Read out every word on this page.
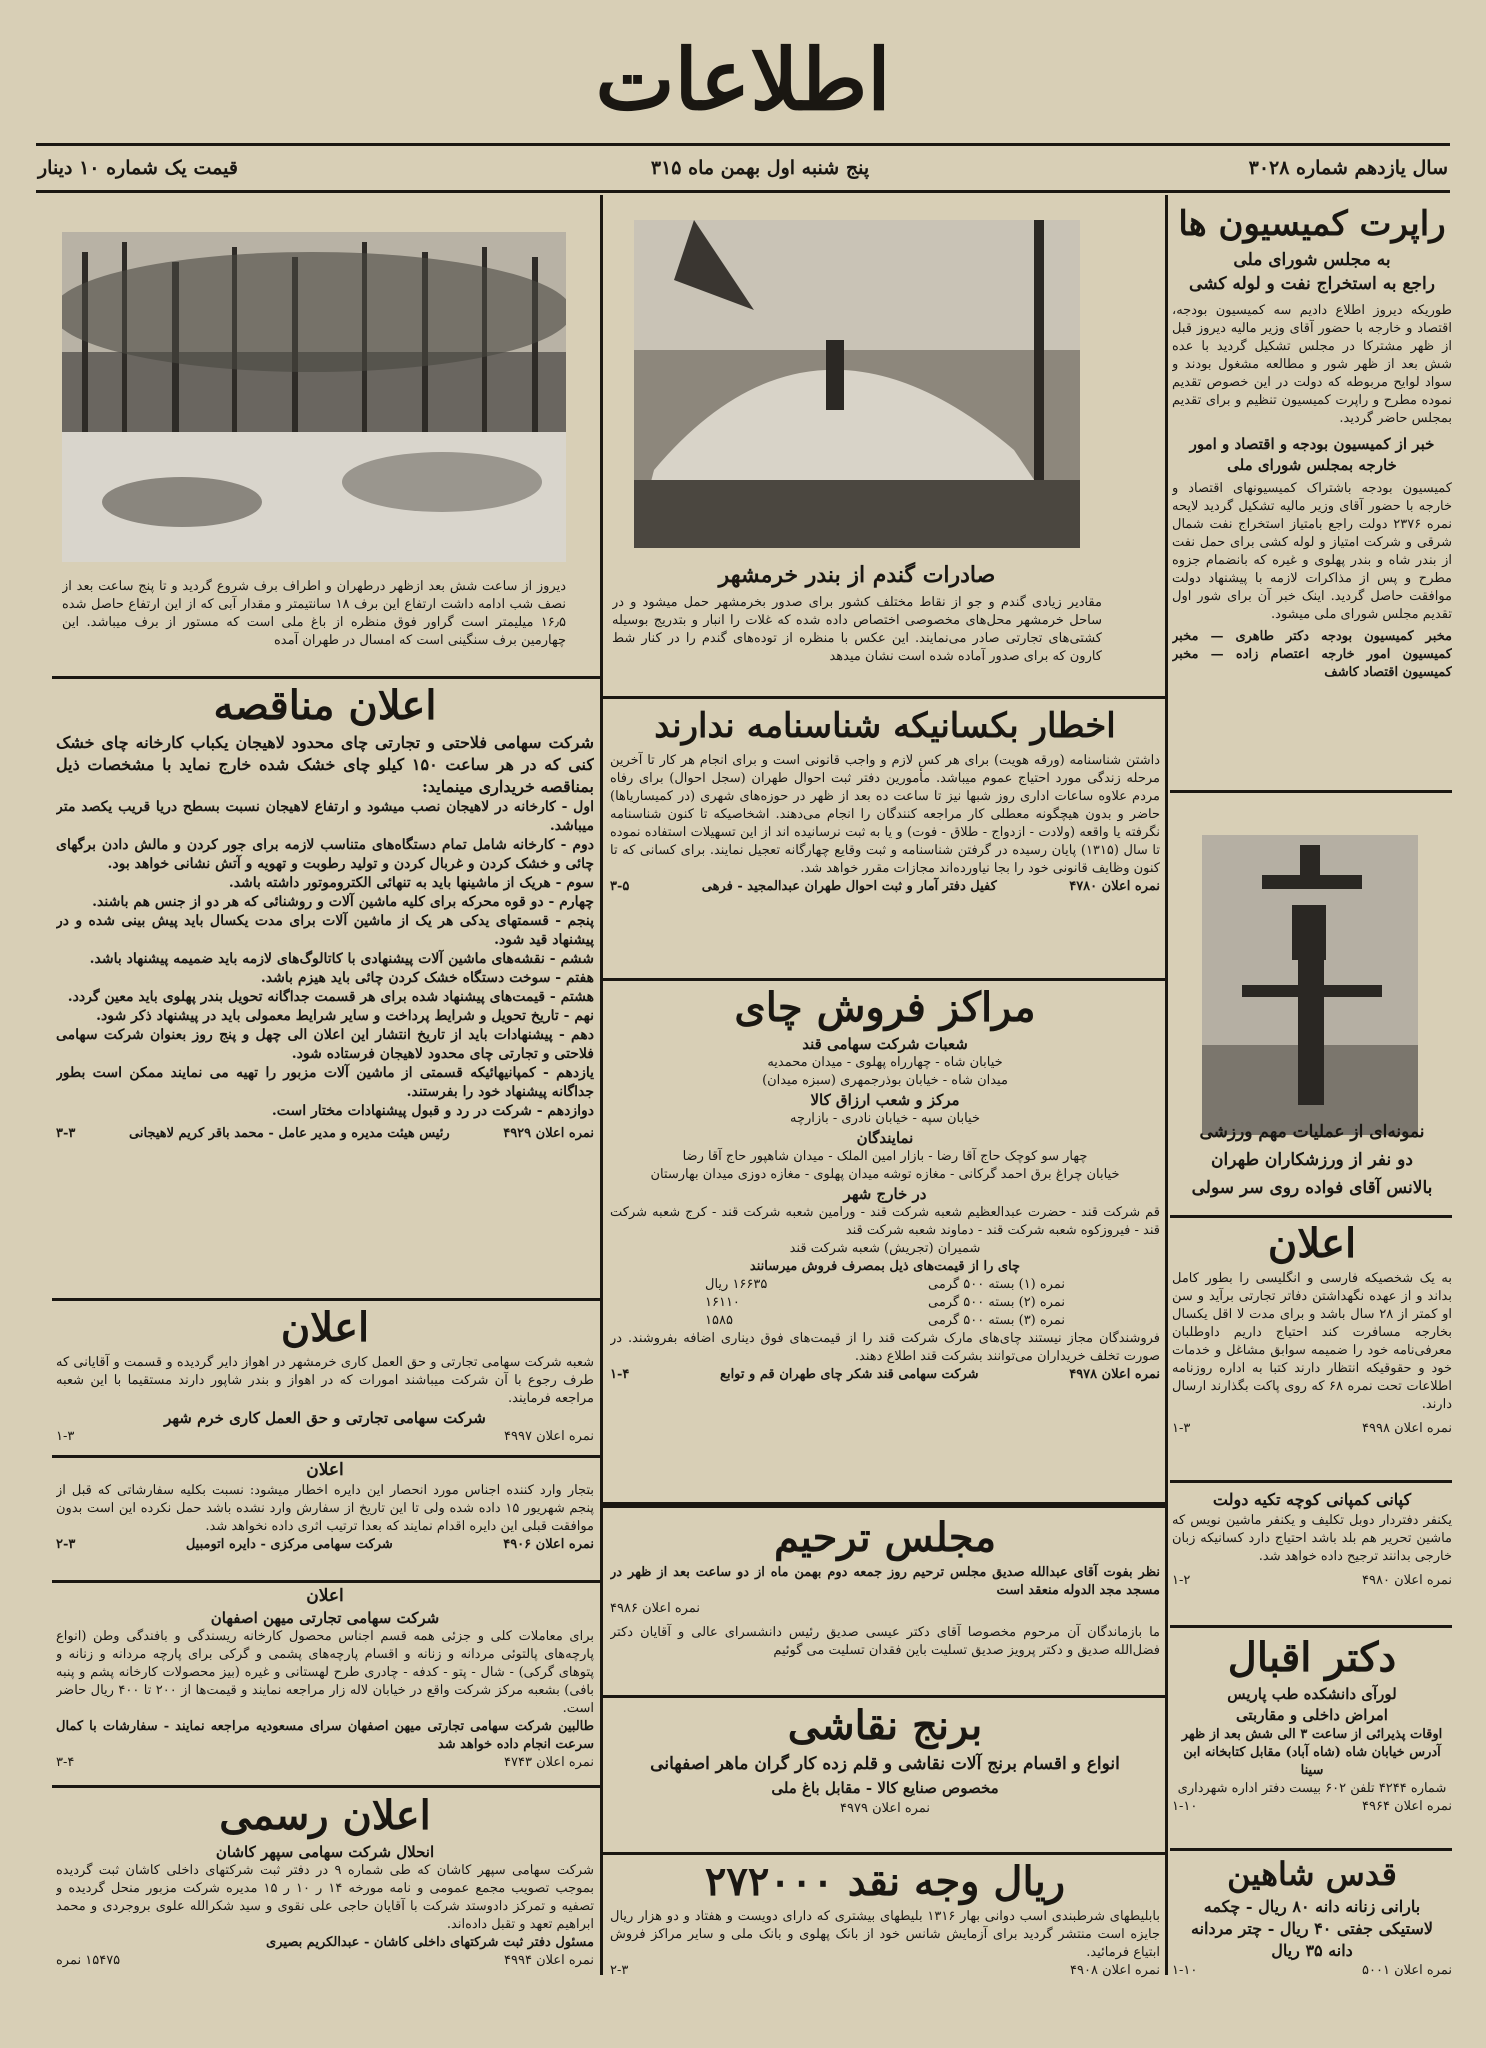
اطلاعات
سال یازدهم شماره ۳۰۲۸
پنج شنبه اول بهمن ماه ۳۱۵
قیمت یک شماره ۱۰ دینار
دیروز از ساعت شش بعد ازظهر درطهران و اطراف برف شروع گردید و تا پنج ساعت بعد از نصف شب ادامه داشت ارتفاع این برف ۱۸ سانتیمتر و مقدار آبی که از این ارتفاع حاصل شده ۱۶٫۵ میلیمتر است گراور فوق منظره از باغ ملی است که مستور از برف میباشد. این چهارمین برف سنگینی است که امسال در طهران آمده
صادرات گندم از بندر خرمشهر
مقادیر زیادی گندم و جو از نقاط مختلف کشور برای صدور بخرمشهر حمل میشود و در ساحل خرمشهر محل‌های مخصوصی اختصاص داده شده که غلات را انبار و بتدریج بوسیله کشتی‌های تجارتی صادر می‌نمایند. این عکس با منظره از توده‌های گندم را در کنار شط کارون که برای صدور آماده شده است نشان میدهد
راپرت کمیسیون ها
به مجلس شورای ملی
راجع به استخراج نفت و لوله کشی
طوریکه دیروز اطلاع دادیم سه کمیسیون بودجه، اقتصاد و خارجه با حضور آقای وزیر مالیه دیروز قبل از ظهر مشترکا در مجلس تشکیل گردید با عده شش بعد از ظهر شور و مطالعه مشغول بودند و سواد لوایح مربوطه که دولت در این خصوص تقدیم نموده مطرح و راپرت کمیسیون تنظیم و برای تقدیم بمجلس حاضر گردید.
خبر از کمیسیون بودجه و اقتصاد و امور خارجه بمجلس شورای ملی
کمیسیون بودجه باشتراک کمیسیونهای اقتصاد و خارجه با حضور آقای وزیر مالیه تشکیل گردید لایحه نمره ۲۳۷۶ دولت راجع بامتیاز استخراج نفت شمال شرقی و شرکت امتیاز و لوله کشی برای حمل نفت از بندر شاه و بندر پهلوی و غیره که بانضمام جزوه مطرح و پس از مذاکرات لازمه با پیشنهاد دولت موافقت حاصل گردید. اینک خبر آن برای شور اول تقدیم مجلس شورای ملی میشود.
مخبر کمیسیون بودجه دکتر طاهری — مخبر کمیسیون امور خارجه اعتصام زاده — مخبر کمیسیون اقتصاد کاشف
نمونه‌ای از عملیات مهم ورزشی
دو نفر از ورزشکاران طهران
بالانس آقای فواده روی سر سولی
اعلان
به یک شخصیکه فارسی و انگلیسی را بطور کامل بداند و از عهده نگهداشتن دفاتر تجارتی برآید و سن او کمتر از ۲۸ سال باشد و برای مدت لا اقل یکسال بخارجه مسافرت کند احتیاج داریم داوطلبان معرفی‌نامه خود را ضمیمه سوابق مشاغل و خدمات خود و حقوقیکه انتظار دارند کتبا به اداره روزنامه اطلاعات تحت نمره ۶۸ که روی پاکت بگذارند ارسال دارند.
نمره اعلان ۴۹۹۸
۱-۳
کپانی کمپانی کوچه تکیه دولت
یکنفر دفتردار دوبل تکلیف و یکنفر ماشین نویس که ماشین تحریر هم بلد باشد احتیاج دارد کسانیکه زبان خارجی بدانند ترجیح داده خواهد شد.
نمره اعلان ۴۹۸۰
۱-۲
دکتر اقبال
لورآی دانشکده طب پاریس
امراض داخلی و مقاربتی
اوقات پذیرائی از ساعت ۳ الی شش بعد از ظهر
آدرس خیابان شاه (شاه آباد) مقابل کتابخانه ابن سینا
شماره ۴۲۴۴ تلفن ۶۰۲ بیست دفتر اداره شهرداری
نمره اعلان ۴۹۶۴
۱-۱۰
قدس شاهین
بارانی زنانه دانه ۸۰ ریال - چکمه
لاستیکی جفتی ۴۰ ریال - چتر مردانه
دانه ۳۵ ریال
نمره اعلان ۵۰۰۱
۱-۱۰
اعلان مناقصه
شرکت سهامی فلاحتی و تجارتی چای محدود لاهیجان یکباب کارخانه چای خشک کنی که در هر ساعت ۱۵۰ کیلو چای خشک شده خارج نماید با مشخصات ذیل بمناقصه خریداری مینماید:

اول - کارخانه در لاهیجان نصب میشود و ارتفاع لاهیجان نسبت بسطح دریا قریب یکصد متر میباشد.

دوم - کارخانه شامل تمام دستگاه‌های متناسب لازمه برای جور کردن و مالش دادن برگهای چائی و خشک کردن و غربال کردن و تولید رطوبت و تهویه و آتش نشانی خواهد بود.

سوم - هریک از ماشینها باید به تنهائی الکتروموتور داشته باشد.

چهارم - دو قوه محرکه برای کلیه ماشین آلات و روشنائی که هر دو از جنس هم باشند.

پنجم - قسمتهای یدکی هر یک از ماشین آلات برای مدت یکسال باید پیش بینی شده و در پیشنهاد قید شود.

ششم - نقشه‌های ماشین آلات پیشنهادی با کاتالوگ‌های لازمه باید ضمیمه پیشنهاد باشد.

هفتم - سوخت دستگاه خشک کردن چائی باید هیزم باشد.

هشتم - قیمت‌های پیشنهاد شده برای هر قسمت جداگانه تحویل بندر پهلوی باید معین گردد.

نهم - تاریخ تحویل و شرایط پرداخت و سایر شرایط معمولی باید در پیشنهاد ذکر شود.

دهم - پیشنهادات باید از تاریخ انتشار این اعلان الی چهل و پنج روز بعنوان شرکت سهامی فلاحتی و تجارتی چای محدود لاهیجان فرستاده شود.

یازدهم - کمپانیهائیکه قسمتی از ماشین آلات مزبور را تهیه می نمایند ممکن است بطور جداگانه پیشنهاد خود را بفرستند.

دوازدهم - شرکت در رد و قبول پیشنهادات مختار است.

نمره اعلان ۴۹۲۹
رئیس هیئت مدیره و مدیر عامل - محمد باقر کریم لاهیجانی
۳-۳
اعلان
شعبه شرکت سهامی تجارتی و حق العمل کاری خرمشهر در اهواز دایر گردیده و قسمت و آقایانی که طرف رجوع با آن شرکت میباشند امورات که در اهواز و بندر شاپور دارند مستقیما با این شعبه مراجعه فرمایند.
شرکت سهامی تجارتی و حق العمل کاری خرم شهر
نمره اعلان ۴۹۹۷
۱-۳
اعلان
بتجار وارد کننده اجناس مورد انحصار این دایره اخطار میشود: نسبت بکلیه سفارشاتی که قبل از پنجم شهریور ۱۵ داده شده ولی تا این تاریخ از سفارش وارد نشده باشد حمل نکرده این است بدون موافقت قبلی این دایره اقدام نمایند که بعدا ترتیب اثری داده نخواهد شد.
نمره اعلان ۴۹۰۶
شرکت سهامی مرکزی - دایره اتومبیل
۲-۳
اعلان
شرکت سهامی تجارتی میهن اصفهان
برای معاملات کلی و جزئی همه قسم اجناس محصول کارخانه ریسندگی و بافندگی وطن (انواع پارچه‌های پالتوئی مردانه و زنانه و اقسام پارچه‌های پشمی و گرکی برای پارچه مردانه و زنانه و پتوهای گرکی) - شال - پتو - کدفه - چادری طرح لهستانی و غیره (بیز محصولات کارخانه پشم و پنبه بافی) بشعبه مرکز شرکت واقع در خیابان لاله زار مراجعه نمایند و قیمت‌ها از ۲۰۰ تا ۴۰۰ ریال حاضر است.
طالبین شرکت سهامی تجارتی میهن اصفهان سرای مسعودیه مراجعه نمایند - سفارشات با کمال سرعت انجام داده خواهد شد
نمره اعلان ۴۷۴۳
۳-۴
اعلان رسمی
انحلال شرکت سهامی سپهر کاشان
شرکت سهامی سپهر کاشان که طی شماره ۹ در دفتر ثبت شرکتهای داخلی کاشان ثبت گردیده بموجب تصویب مجمع عمومی و نامه مورخه ۱۴ ر ۱۰ ر ۱۵ مدیره شرکت مزبور منحل گردیده و تصفیه و تمرکز دادوستد شرکت با آقایان حاجی علی نقوی و سید شکرالله علوی بروجردی و محمد ابراهیم تعهد و تقبل داده‌اند.
مسئول دفتر ثبت شرکتهای داخلی کاشان - عبدالکریم بصیری
نمره اعلان ۴۹۹۴
۱۵۴۷۵ نمره
اخطار بکسانیکه شناسنامه ندارند
داشتن شناسنامه (ورقه هویت) برای هر کس لازم و واجب قانونی است و برای انجام هر کار تا آخرین مرحله زندگی مورد احتیاج عموم میباشد. مأمورین دفتر ثبت احوال طهران (سجل احوال) برای رفاه مردم علاوه ساعات اداری روز شبها نیز تا ساعت ده بعد از ظهر در حوزه‌های شهری (در کمیساریاها) حاضر و بدون هیچگونه معطلی کار مراجعه کنندگان را انجام می‌دهند. اشخاصیکه تا کنون شناسنامه نگرفته یا واقعه (ولادت - ازدواج - طلاق - فوت) و یا به ثبت نرسانیده اند از این تسهیلات استفاده نموده تا سال (۱۳۱۵) پایان رسیده در گرفتن شناسنامه و ثبت وقایع چهارگانه تعجیل نمایند. برای کسانی که تا کنون وظایف قانونی خود را بجا نیاورده‌اند مجازات مقرر خواهد شد.
نمره اعلان ۴۷۸۰
کفیل دفتر آمار و ثبت احوال طهران عبدالمجید - فرهی
۳-۵
مراکز فروش چای
شعبات شرکت سهامی قند
خیابان شاه - چهارراه پهلوی - میدان محمدیه
میدان شاه - خیابان بوذرجمهری (سبزه میدان)
مرکز و شعب ارزاق کالا
خیابان سپه - خیابان نادری - بازارچه
نمایندگان
چهار سو کوچک حاج آقا رضا - بازار امین الملک - میدان شاهپور حاج آقا رضا
خیابان چراغ برق احمد گرکانی - مغازه توشه میدان پهلوی - مغازه دوزی میدان بهارستان
در خارج شهر
قم شرکت قند - حضرت عبدالعظیم شعبه شرکت قند - ورامین شعبه شرکت قند - کرج شعبه شرکت قند - فیروزکوه شعبه شرکت قند - دماوند شعبه شرکت قند
شمیران (تجریش) شعبه شرکت قند
چای را از قیمت‌های ذیل بمصرف فروش میرسانند
نمره (۱) بسته ۵۰۰ گرمی
۱۶۶۳۵ ریال
نمره (۲) بسته ۵۰۰ گرمی
۱۶۱۱۰
نمره (۳) بسته ۵۰۰ گرمی
۱۵۸۵
فروشندگان مجاز نیستند چای‌های مارک شرکت قند را از قیمت‌های فوق دیناری اضافه بفروشند. در صورت تخلف خریداران می‌توانند بشرکت قند اطلاع دهند.
نمره اعلان ۴۹۷۸
شرکت سهامی قند شکر چای طهران قم و توابع
۱-۴
مجلس ترحیم
نظر بفوت آقای عبدالله صدیق مجلس ترحیم روز جمعه دوم بهمن ماه از دو ساعت بعد از ظهر در مسجد مجد الدوله منعقد است
نمره اعلان ۴۹۸۶
ما بازماندگان آن مرحوم مخصوصا آقای دکتر عیسی صدیق رئیس دانشسرای عالی و آقایان دکتر فضل‌الله صدیق و دکتر پرویز صدیق تسلیت باین فقدان تسلیت می گوئیم
برنج نقاشی
انواع و اقسام برنج آلات نقاشی و قلم زده کار گران ماهر اصفهانی
مخصوص صنایع کالا - مقابل باغ ملی
نمره اعلان ۴۹۷۹
۲۷۲۰۰۰ ریال وجه نقد
بابلیطهای شرطبندی اسب دوانی بهار ۱۳۱۶ بلیطهای بیشتری که دارای دویست و هفتاد و دو هزار ریال جایزه است منتشر گردید برای آزمایش شانس خود از بانک پهلوی و بانک ملی و سایر مراکز فروش ابتیاع فرمائید.
نمره اعلان ۴۹۰۸
۲-۳
